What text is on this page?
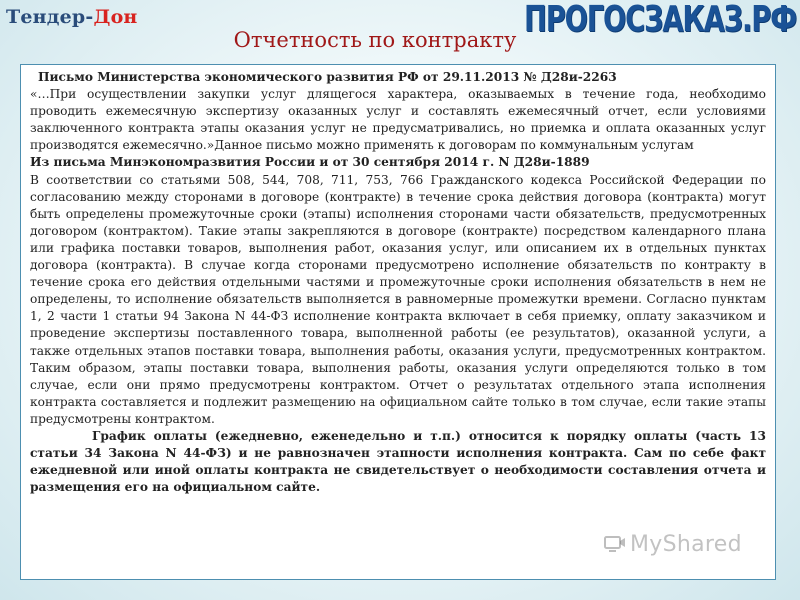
Тендер-Дон	ПРОГОСЗАКАЗ.РФ
Отчетность по контракту

Письмо Министерства экономического развития РФ от 29.11.2013 № Д28и-2263

«…При осуществлении закупки услуг длящегося характера, оказываемых в течение года, необходимо проводить ежемесячную экспертизу оказанных услуг и составлять ежемесячный отчет, если условиями заключенного контракта этапы оказания услуг не предусматривались, но приемка и оплата оказанных услуг производятся ежемесячно.»Данное письмо можно применять к договорам по коммунальным услугам

Из письма Минэкономразвития России и от 30 сентября 2014 г. N Д28и-1889

В соответствии со статьями 508, 544, 708, 711, 753, 766 Гражданского кодекса Российской Федерации по согласованию между сторонами в договоре (контракте) в течение срока действия договора (контракта) могут быть определены промежуточные сроки (этапы) исполнения сторонами части обязательств, предусмотренных договором (контрактом). Такие этапы закрепляются в договоре (контракте) посредством календарного плана или графика поставки товаров, выполнения работ, оказания услуг, или описанием их в отдельных пунктах договора (контракта). В случае когда сторонами предусмотрено исполнение обязательств по контракту в течение срока его действия отдельными частями и промежуточные сроки исполнения обязательств в нем не определены, то исполнение обязательств выполняется в равномерные промежутки времени. Согласно пунктам 1, 2 части 1 статьи 94 Закона N 44-ФЗ исполнение контракта включает в себя приемку, оплату заказчиком и проведение экспертизы поставленного товара, выполненной работы (ее результатов), оказанной услуги, а также отдельных этапов поставки товара, выполнения работы, оказания услуги, предусмотренных контрактом. Таким образом, этапы поставки товара, выполнения работы, оказания услуги определяются только в том случае, если они прямо предусмотрены контрактом. Отчет о результатах отдельного этапа исполнения контракта составляется и подлежит размещению на официальном сайте только в том случае, если такие этапы предусмотрены контрактом.

График оплаты (ежедневно, еженедельно и т.п.) относится к порядку оплаты (часть 13 статьи 34 Закона N 44-ФЗ) и не равнозначен этапности исполнения контракта. Сам по себе факт ежедневной или иной оплаты контракта не свидетельствует о необходимости составления отчета и размещения его на официальном сайте.

MyShared
